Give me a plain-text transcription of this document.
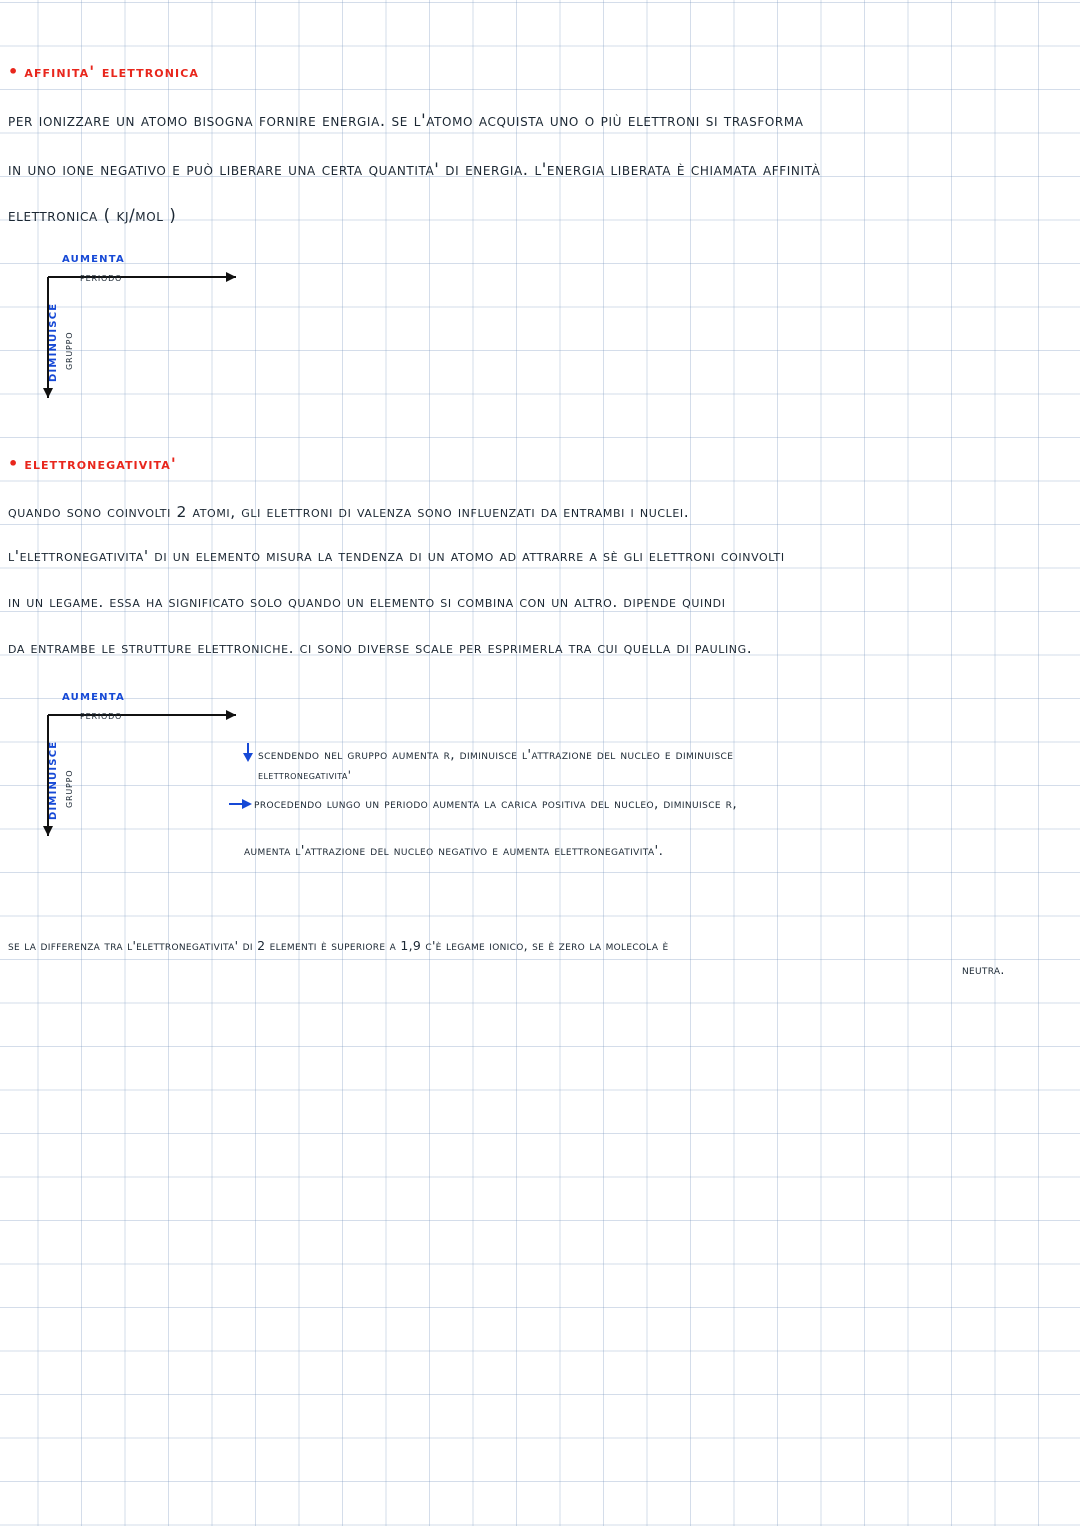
• affinita' elettronica
per ionizzare un atomo bisogna fornire energia. se l'atomo acquista uno o più elettroni si trasforma
in uno ione negativo e può liberare una certa quantita' di energia. l'energia liberata è chiamata affinità
elettronica ( kj/mol )
aumenta
periodo
diminuisce gruppo
• elettronegativita'
quando sono coinvolti 2 atomi, gli elettroni di valenza sono influenzati da entrambi i nuclei.
l'elettronegativita' di un elemento misura la tendenza di un atomo ad attrarre a sè gli elettroni coinvolti
in un legame. essa ha significato solo quando un elemento si combina con un altro. dipende quindi
da entrambe le strutture elettroniche. ci sono diverse scale per esprimerla tra cui quella di pauling.
aumenta
periodo
diminuisce gruppo
scendendo nel gruppo aumenta r, diminuisce l'attrazione del nucleo e diminuisce
elettronegativita'
procedendo lungo un periodo aumenta la carica positiva del nucleo, diminuisce r,
aumenta l'attrazione del nucleo negativo e aumenta elettronegativita'.
se la differenza tra l'elettronegativita' di 2 elementi è superiore a 1,9 c'è legame ionico, se è zero la molecola è
neutra.
